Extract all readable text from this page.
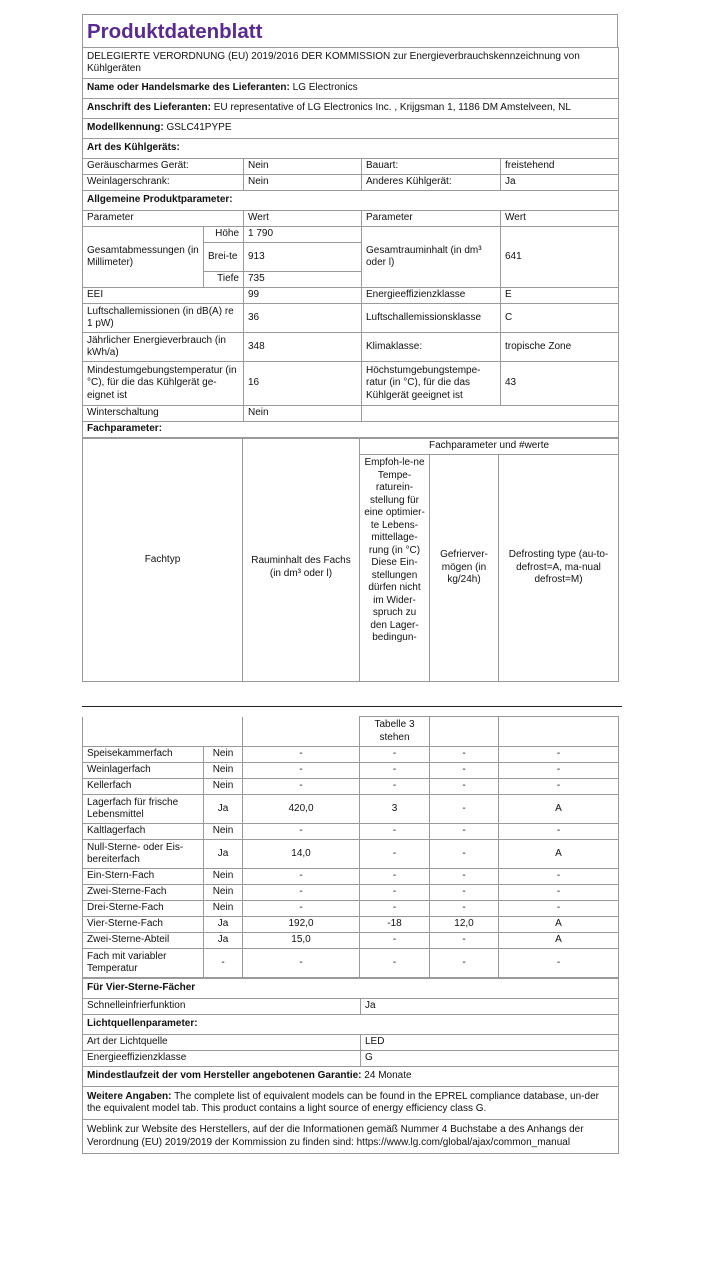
Produktdatenblatt
DELEGIERTE VERORDNUNG (EU) 2019/2016 DER KOMMISSION zur Energieverbrauchskennzeichnung von Kühlgeräten				
Name oder Handelsmarke des Lieferanten: LG Electronics				
Anschrift des Lieferanten: EU representative of LG Electronics Inc. , Krijgsman 1, 1186 DM Amstelveen, NL				
Modellkennung: GSLC41PYPE				
Art des Kühlgeräts:				
Geräuscharmes Gerät:		Nein	Bauart:	freistehend
Weinlagerschrank:		Nein	Anderes Kühlgerät:	Ja
Allgemeine Produktparameter:				
Parameter		Wert	Parameter	Wert
Gesamtabmessungen (in Millimeter)	Höhe	1 790	Gesamtrauminhalt (in dm³ oder l)	641
	Brei-te	913		
	Tiefe	735		
EEI		99	Energieeffizienzklasse	E
Luftschallemissionen (in dB(A) re 1 pW)		36	Luftschallemissionsklasse	C
Jährlicher Energieverbrauch (in kWh/a)		348	Klimaklasse:	tropische Zone
Mindestumgebungstemperatur (in °C), für die das Kühlgerät ge-eignet ist		16	Höchstumgebungstempe-ratur (in °C), für die das Kühlgerät geeignet ist	43
Winterschaltung		Nein		
Fachparameter:				
Fachtyp		Fachparameter und #werte		
	Rauminhalt des Fachs (in dm³ oder l)	Empfoh-le-ne Tempe-raturein-stellung für eine optimier-te Lebens-mittellage-rung (in °C) Diese Ein-stellungen dürfen nicht im Wider-spruch zu den Lager-bedingun-	Gefrierver-mögen (in kg/24h)	Defrosting type (au-to-defrost=A, ma-nual defrost=M)
			Tabelle 3 stehen		
Speisekammerfach	Nein	-	-	-	-
Weinlagerfach	Nein	-	-	-	-
Kellerfach	Nein	-	-	-	-
Lagerfach für frische Lebensmittel	Ja	420,0	3	-	A
Kaltlagerfach	Nein	-	-	-	-
Null-Sterne- oder Eis-bereiterfach	Ja	14,0	-	-	A
Ein-Stern-Fach	Nein	-	-	-	-
Zwei-Sterne-Fach	Nein	-	-	-	-
Drei-Sterne-Fach	Nein	-	-	-	-
Vier-Sterne-Fach	Ja	192,0	-18	12,0	A
Zwei-Sterne-Abteil	Ja	15,0	-	-	A
Fach mit variabler Temperatur	-	-	-	-	-
Für Vier-Sterne-Fächer	
Schnelleinfrierfunktion	Ja
Lichtquellenparameter:	
Art der Lichtquelle	LED
Energieeffizienzklasse	G
Mindestlaufzeit der vom Hersteller angebotenen Garantie: 24 Monate	
Weitere Angaben: The complete list of equivalent models can be found in the EPREL compliance database, un-der the equivalent model tab. This product contains a light source of energy efficiency class G.	
Weblink zur Website des Herstellers, auf der die Informationen gemäß Nummer 4 Buchstabe a des Anhangs der Verordnung (EU) 2019/2019 der Kommission zu finden sind: https://www.lg.com/global/ajax/common_manual	
